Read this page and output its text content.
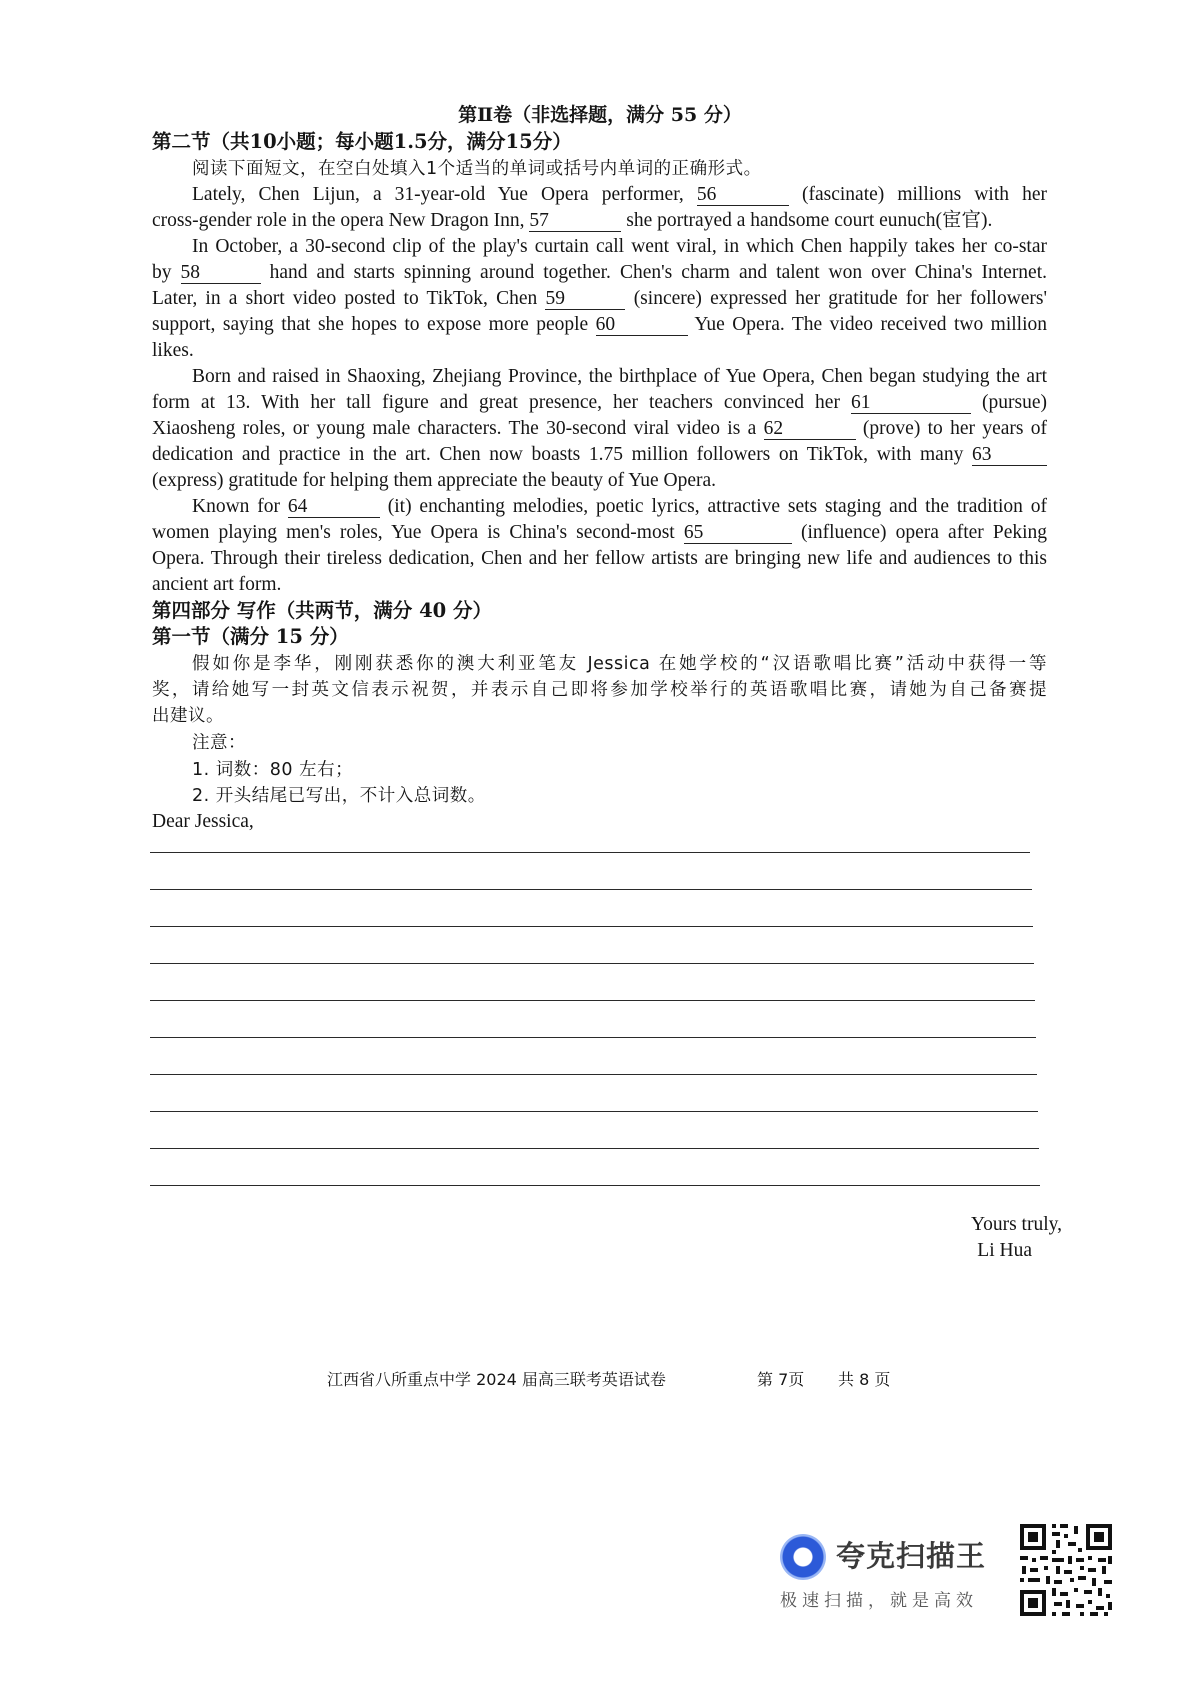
第Ⅱ卷（非选择题，满分 55 分）
第二节（共10小题；每小题1.5分，满分15分）
阅读下面短文，在空白处填入1个适当的单词或括号内单词的正确形式。
Lately, Chen Lijun, a 31-year-old Yue Opera performer, 56	(fascinate) millions with her
cross-gender role in the opera New Dragon Inn, 57	she portrayed a handsome court eunuch(宦官).
In October, a 30-second clip of the play's curtain call went viral, in which Chen happily takes her co-star
by 58	hand and starts spinning around together. Chen's charm and talent won over China's Internet.
Later, in a short video posted to TikTok, Chen 59	(sincere) expressed her gratitude for her followers'
support, saying that she hopes to expose more people 60	Yue Opera. The video received two million
likes.
Born and raised in Shaoxing, Zhejiang Province, the birthplace of Yue Opera, Chen began studying the art
form at 13. With her tall figure and great presence, her teachers convinced her 61	(pursue)
Xiaosheng roles, or young male characters. The 30-second viral video is a 62	(prove) to her years of
dedication and practice in the art. Chen now boasts 1.75 million followers on TikTok, with many 63
(express) gratitude for helping them appreciate the beauty of Yue Opera.
Known for 64	(it) enchanting melodies, poetic lyrics, attractive sets staging and the tradition of
women playing men's roles, Yue Opera is China's second-most 65	(influence) opera after Peking
Opera. Through their tireless dedication, Chen and her fellow artists are bringing new life and audiences to this
ancient art form.
第四部分 写作（共两节，满分 40 分）
第一节（满分 15 分）
假如你是李华，刚刚获悉你的澳大利亚笔友 Jessica 在她学校的“汉语歌唱比赛”活动中获得一等
奖，请给她写一封英文信表示祝贺，并表示自己即将参加学校举行的英语歌唱比赛，请她为自己备赛提
出建议。
注意：
1. 词数：80 左右；
2. 开头结尾已写出，不计入总词数。
Dear Jessica,
Yours truly,
Li Hua
江西省八所重点中学 2024 届高三联考英语试卷	第 7页 共 8 页
夸克扫描王
极速扫描，就是高效
